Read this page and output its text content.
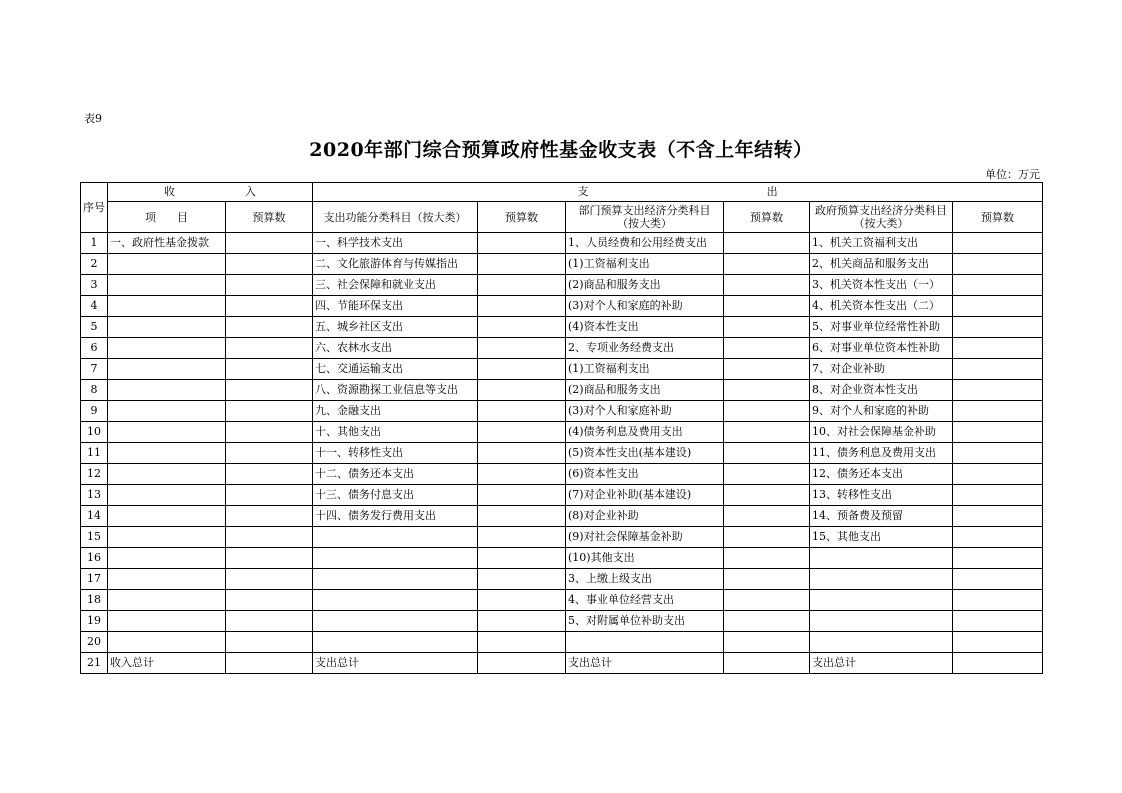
表9
2020年部门综合预算政府性基金收支表（不含上年结转）
单位：万元
序号	收                    入		支                                                   出					
	项      目	预算数	支出功能分类科目（按大类）	预算数	部门预算支出经济分类科目（按大类）	预算数	政府预算支出经济分类科目（按大类）	预算数
1	一、政府性基金拨款		一、科学技术支出		1、人员经费和公用经费支出		1、机关工资福利支出	
2			二、文化旅游体育与传媒指出		(1)工资福利支出		2、机关商品和服务支出	
3			三、社会保障和就业支出		(2)商品和服务支出		3、机关资本性支出（一）	
4			四、节能环保支出		(3)对个人和家庭的补助		4、机关资本性支出（二）	
5			五、城乡社区支出		(4)资本性支出		5、对事业单位经常性补助	
6			六、农林水支出		2、专项业务经费支出		6、对事业单位资本性补助	
7			七、交通运输支出		(1)工资福利支出		7、对企业补助	
8			八、资源勘探工业信息等支出		(2)商品和服务支出		8、对企业资本性支出	
9			九、金融支出		(3)对个人和家庭补助		9、对个人和家庭的补助	
10			十、其他支出		(4)债务利息及费用支出		10、对社会保障基金补助	
11			十一、转移性支出		(5)资本性支出(基本建设)		11、债务利息及费用支出	
12			十二、债务还本支出		(6)资本性支出		12、债务还本支出	
13			十三、债务付息支出		(7)对企业补助(基本建设)		13、转移性支出	
14			十四、债务发行费用支出		(8)对企业补助		14、预备费及预留	
15					(9)对社会保障基金补助		15、其他支出	
16					(10)其他支出			
17					3、上缴上级支出			
18					4、事业单位经营支出			
19					5、对附属单位补助支出			
20								
21	收入总计		支出总计		支出总计		支出总计	
